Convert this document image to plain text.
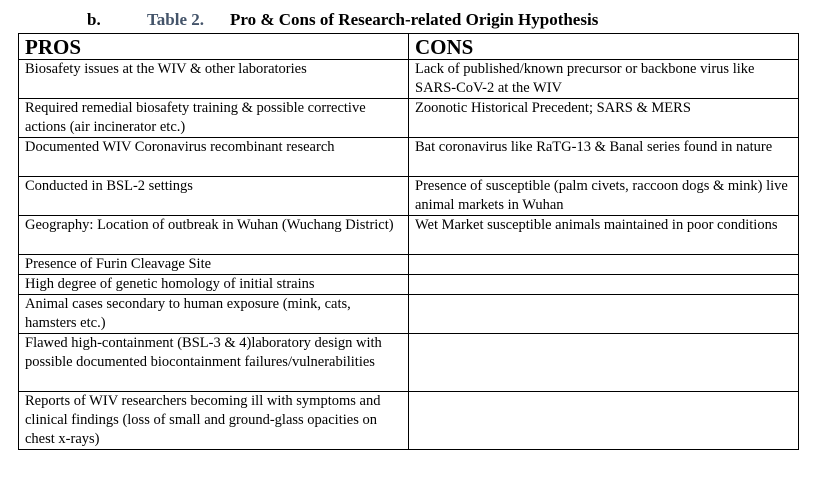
b.	Table 2. Pro & Cons of Research-related Origin Hypothesis
PROS	CONS
Biosafety issues at the WIV & other laboratories	Lack of published/known precursor or backbone virus like SARS-CoV-2 at the WIV
Required remedial biosafety training & possible corrective actions (air incinerator etc.)	Zoonotic Historical Precedent; SARS & MERS
Documented WIV Coronavirus recombinant research	Bat coronavirus like RaTG-13 & Banal series found in nature
Conducted in BSL-2 settings	Presence of susceptible (palm civets, raccoon dogs & mink) live animal markets in Wuhan
Geography: Location of outbreak in Wuhan (Wuchang District)	Wet Market susceptible animals maintained in poor conditions
Presence of Furin Cleavage Site	
High degree of genetic homology of initial strains	
Animal cases secondary to human exposure (mink, cats, hamsters etc.)	
Flawed high-containment (BSL-3 & 4)laboratory design with possible documented biocontainment failures/vulnerabilities	
Reports of WIV researchers becoming ill with symptoms and clinical findings (loss of small and ground-glass opacities on chest x-rays)	
